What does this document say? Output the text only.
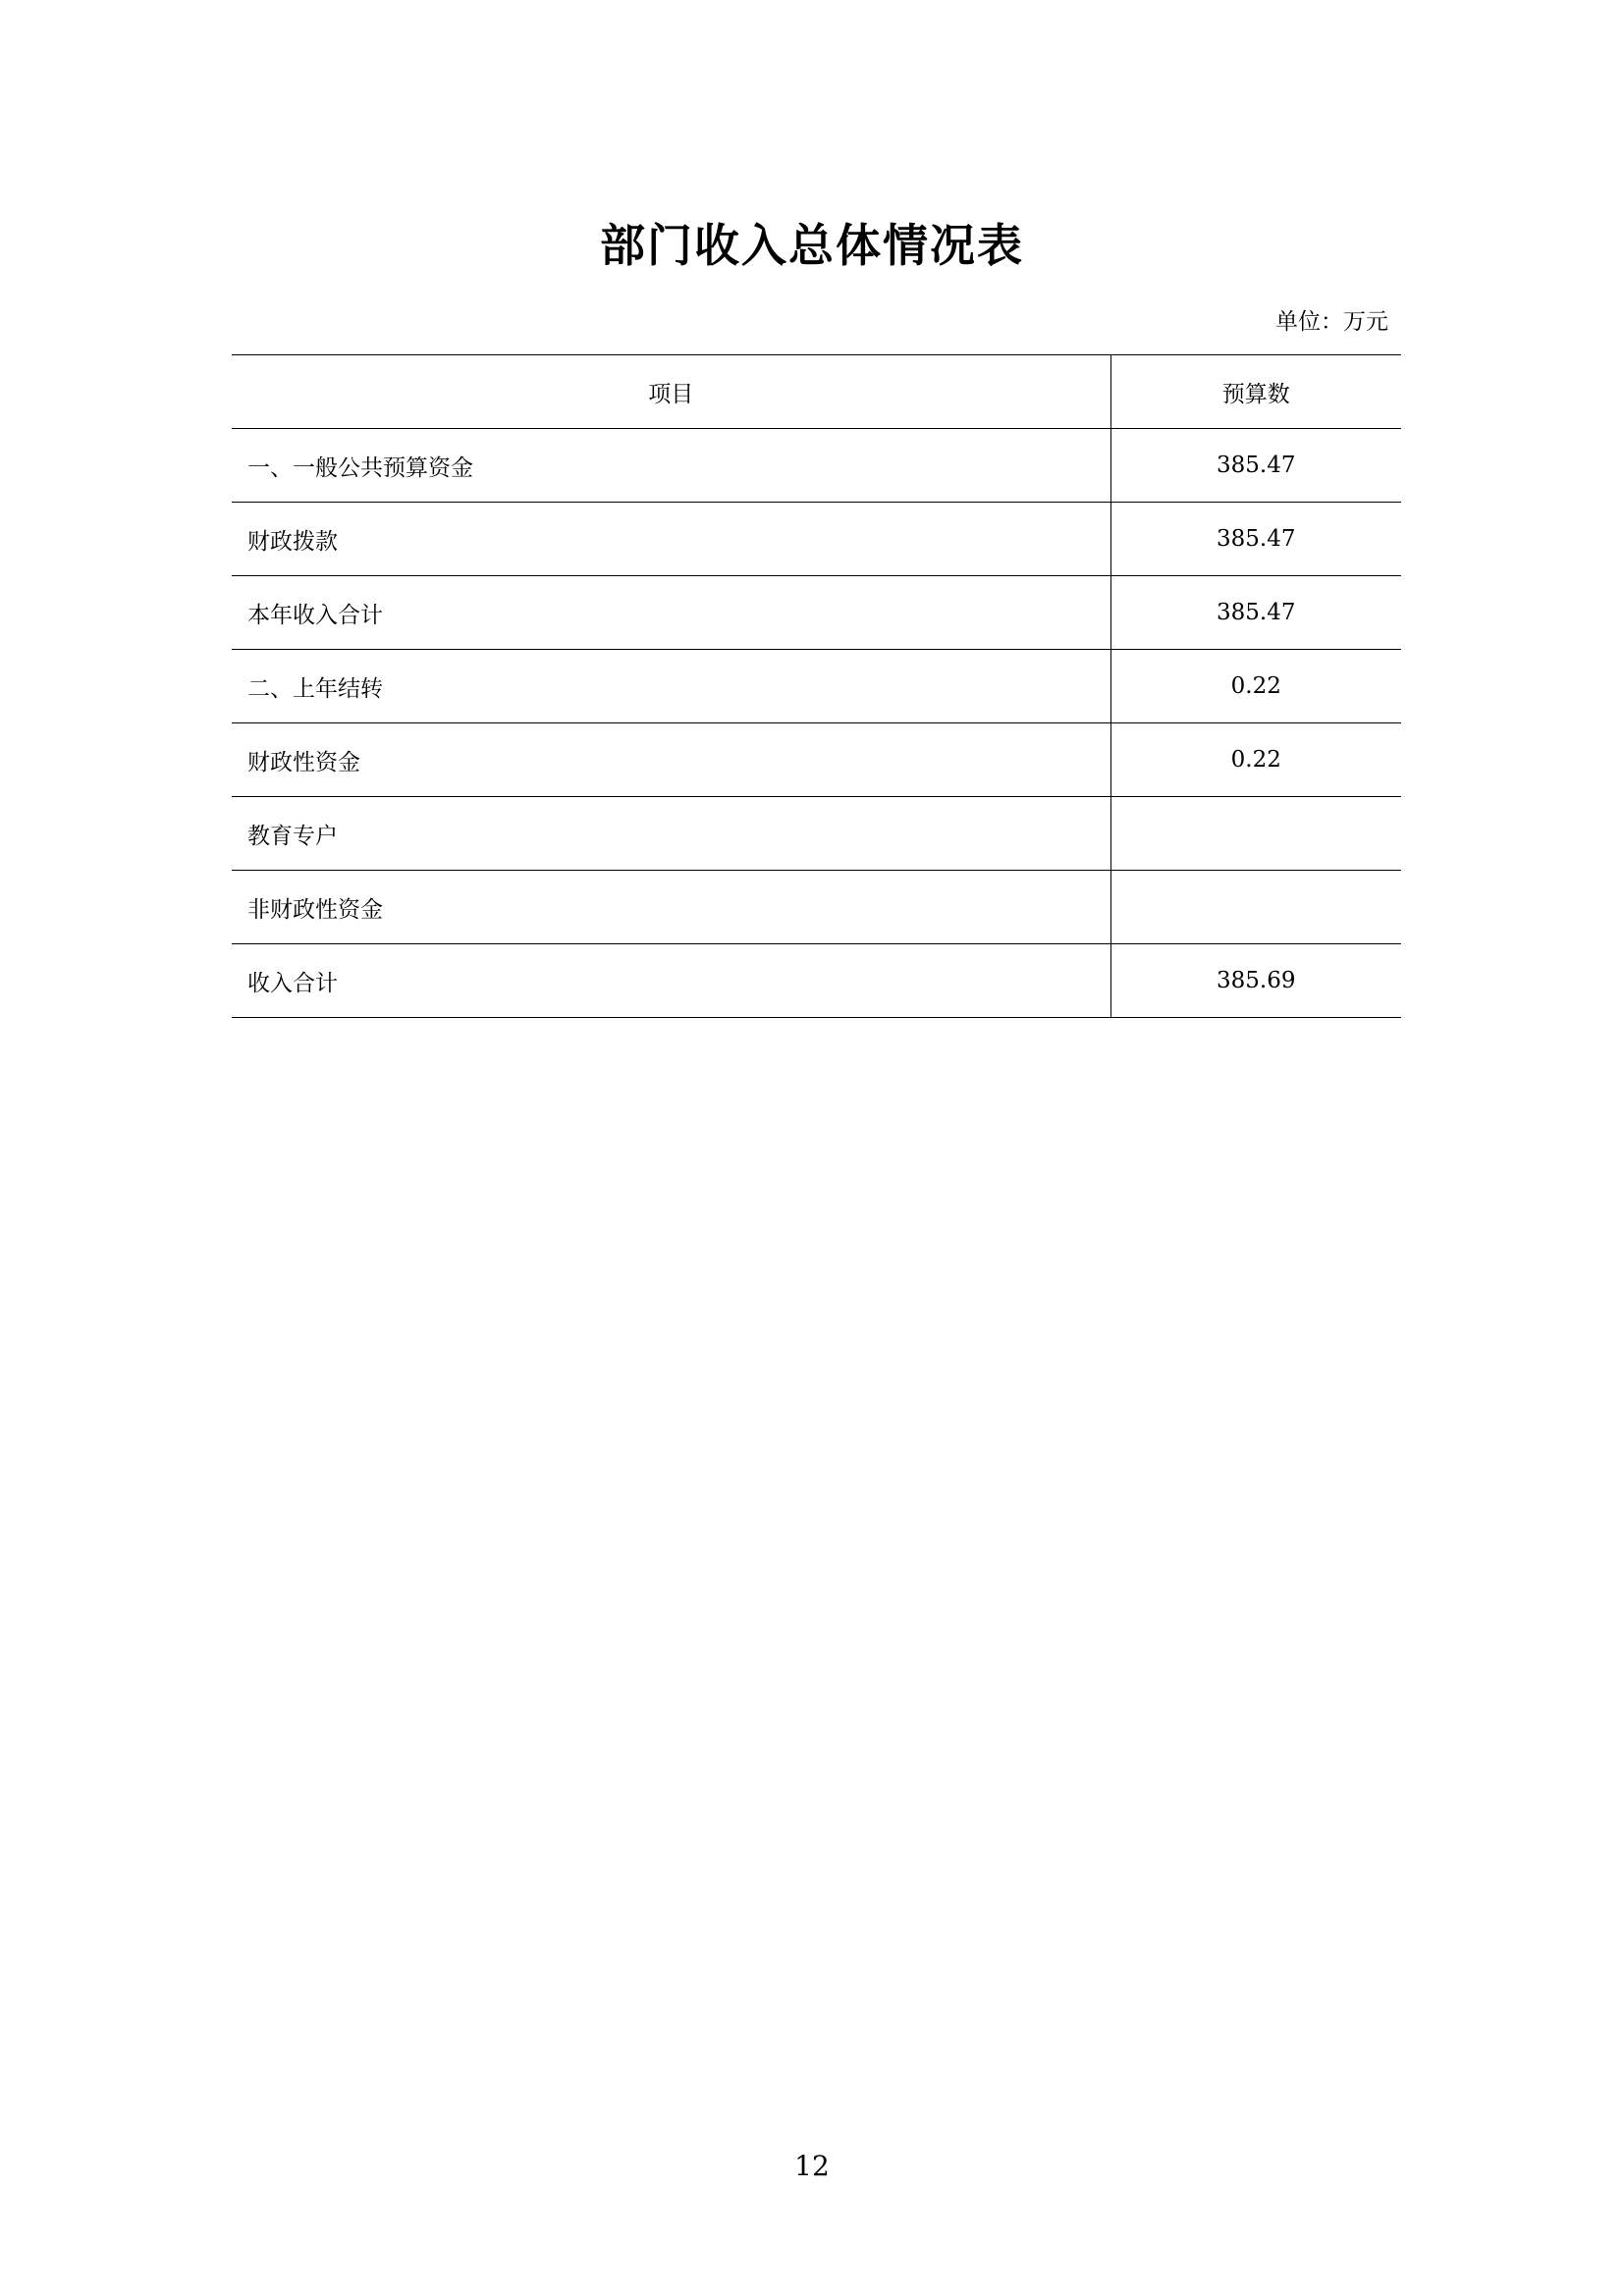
部门收入总体情况表
单位：万元
项目	预算数
一、一般公共预算资金	385.47
财政拨款	385.47
本年收入合计	385.47
二、上年结转	0.22
财政性资金	0.22
教育专户	
非财政性资金	
收入合计	385.69
12
